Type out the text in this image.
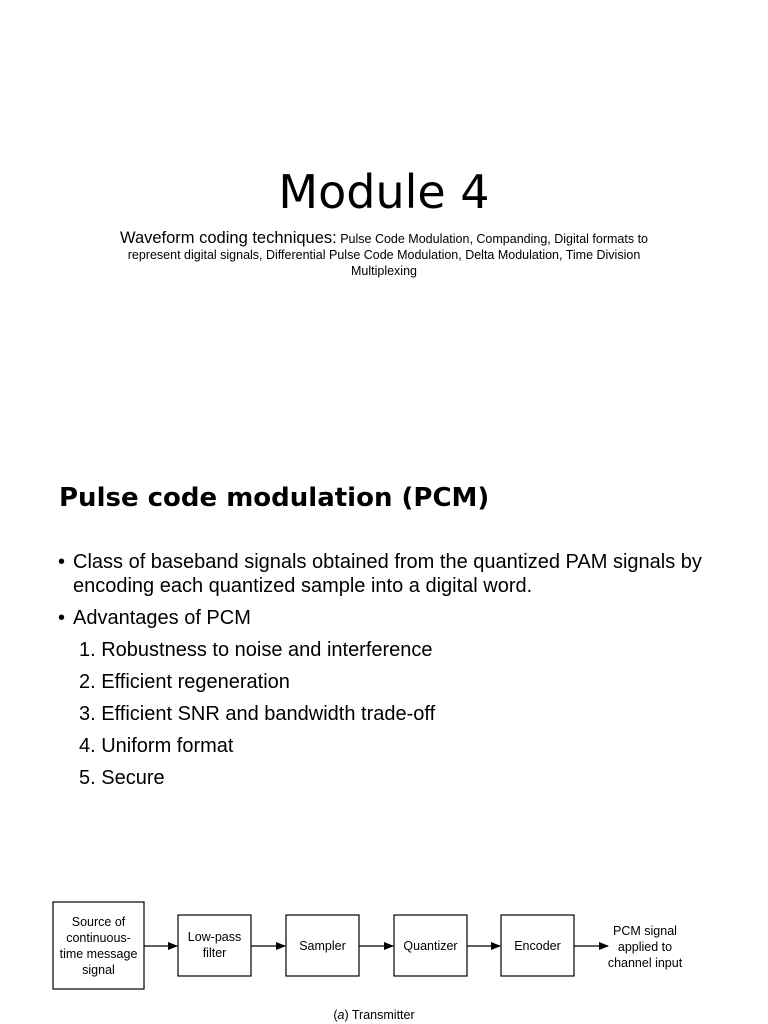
Module 4
Waveform coding techniques: Pulse Code Modulation, Companding, Digital formats to represent digital signals, Differential Pulse Code Modulation, Delta Modulation, Time Division Multiplexing
Pulse code modulation (PCM)
• Class of baseband signals obtained from the quantized PAM signals by encoding each quantized sample into a digital word.
• Advantages of PCM
1. Robustness to noise and interference
2. Efficient regeneration
3. Efficient SNR and bandwidth trade-off
4. Uniform format
5. Secure
Source of
continuous-
time message
signal
Low-pass
filter	Sampler	Quantizer	Encoder
PCM signal
applied to
channel input
(a) Transmitter
